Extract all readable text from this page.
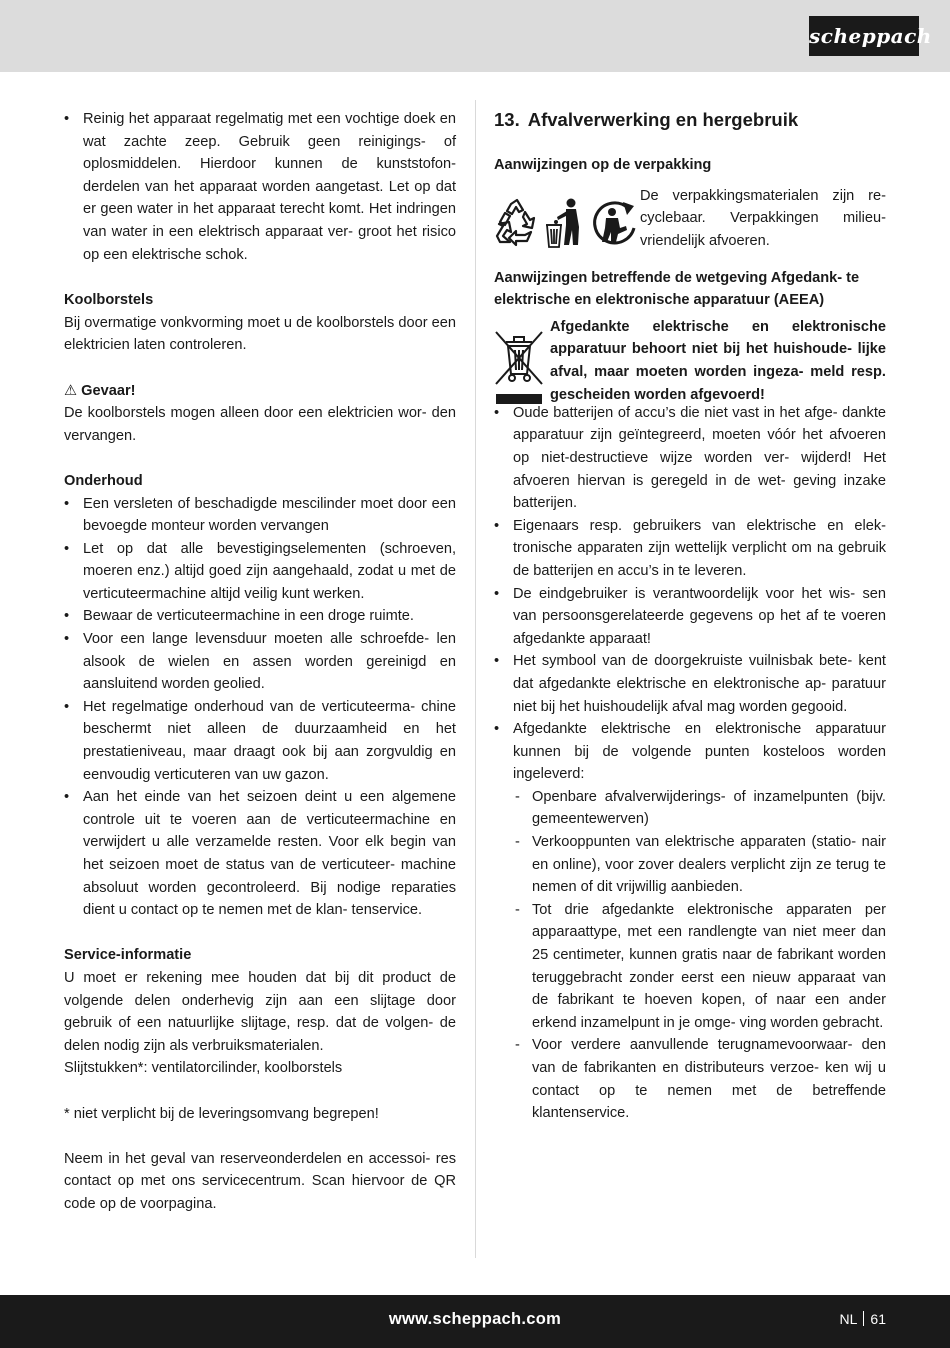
scheppach
• Reinig het apparaat regelmatig met een vochtige doek en wat zachte zeep. Gebruik geen reinigings- of oplosmiddelen. Hierdoor kunnen de kunststofon- derdelen van het apparaat worden aangetast. Let op dat er geen water in het apparaat terecht komt. Het indringen van water in een elektrisch apparaat ver- groot het risico op een elektrische schok.
Koolborstels
Bij overmatige vonkvorming moet u de koolborstels door een elektricien laten controleren.
⚠ Gevaar!
De koolborstels mogen alleen door een elektricien wor- den vervangen.
Onderhoud
• Een versleten of beschadigde mescilinder moet door een bevoegde monteur worden vervangen
• Let op dat alle bevestigingselementen (schroeven, moeren enz.) altijd goed zijn aangehaald, zodat u met de verticuteermachine altijd veilig kunt werken.
• Bewaar de verticuteermachine in een droge ruimte.
• Voor een lange levensduur moeten alle schroefde- len alsook de wielen en assen worden gereinigd en aansluitend worden geolied.
• Het regelmatige onderhoud van de verticuteerma- chine beschermt niet alleen de duurzaamheid en het prestatieniveau, maar draagt ook bij aan zorgvuldig en eenvoudig verticuteren van uw gazon.
• Aan het einde van het seizoen deint u een algemene controle uit te voeren aan de verticuteermachine en verwijdert u alle verzamelde resten. Voor elk begin van het seizoen moet de status van de verticuteer- machine absoluut worden gecontroleerd. Bij nodige reparaties dient u contact op te nemen met de klan- tenservice.
Service-informatie
U moet er rekening mee houden dat bij dit product de volgende delen onderhevig zijn aan een slijtage door gebruik of een natuurlijke slijtage, resp. dat de volgen- de delen nodig zijn als verbruiksmaterialen.
Slijtstukken*: ventilatorcilinder, koolborstels
* niet verplicht bij de leveringsomvang begrepen!
Neem in het geval van reserveonderdelen en accessoi- res contact op met ons servicecentrum. Scan hiervoor de QR code op de voorpagina.
13. Afvalverwerking en hergebruik
Aanwijzingen op de verpakking
De verpakkingsmaterialen zijn re- cyclebaar. Verpakkingen milieu- vriendelijk afvoeren.
Aanwijzingen betreffende de wetgeving Afgedank- te elektrische en elektronische apparatuur (AEEA)
Afgedankte elektrische en elektronische apparatuur behoort niet bij het huishoude- lijke afval, maar moeten worden ingeza- meld resp. gescheiden worden afgevoerd!
• Oude batterijen of accu’s die niet vast in het afge- dankte apparatuur zijn geïntegreerd, moeten vóór het afvoeren op niet-destructieve wijze worden ver- wijderd! Het afvoeren hiervan is geregeld in de wet- geving inzake batterijen.
• Eigenaars resp. gebruikers van elektrische en elek- tronische apparaten zijn wettelijk verplicht om na gebruik de batterijen en accu’s in te leveren.
• De eindgebruiker is verantwoordelijk voor het wis- sen van persoonsgerelateerde gegevens op het af te voeren afgedankte apparaat!
• Het symbool van de doorgekruiste vuilnisbak bete- kent dat afgedankte elektrische en elektronische ap- paratuur niet bij het huishoudelijk afval mag worden gegooid.
• Afgedankte elektrische en elektronische apparatuur kunnen bij de volgende punten kosteloos worden ingeleverd:
- Openbare afvalverwijderings- of inzamelpunten (bijv. gemeentewerven)
- Verkooppunten van elektrische apparaten (statio- nair en online), voor zover dealers verplicht zijn ze terug te nemen of dit vrijwillig aanbieden.
- Tot drie afgedankte elektronische apparaten per apparaattype, met een randlengte van niet meer dan 25 centimeter, kunnen gratis naar de fabrikant worden teruggebracht zonder eerst een nieuw apparaat van de fabrikant te hoeven kopen, of naar een ander erkend inzamelpunt in je omge- ving worden gebracht.
- Voor verdere aanvullende terugnamevoorwaar- den van de fabrikanten en distributeurs verzoe- ken wij u contact op te nemen met de betreffende klantenservice.
www.scheppach.com	NL 61
